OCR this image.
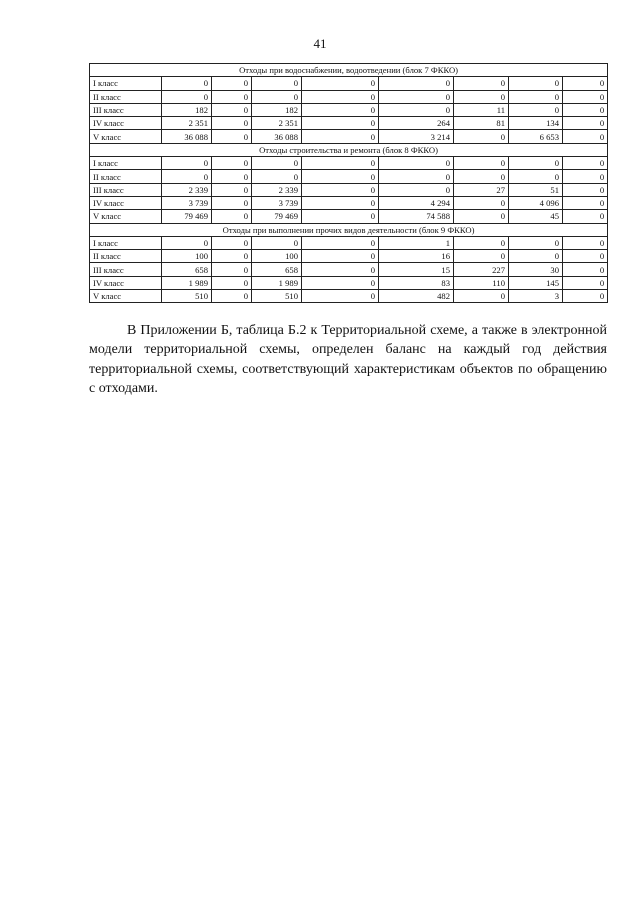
41
Отходы при водоснабжении, водоотведении (блок 7 ФККО)								
I класс	0	0	0	0	0	0	0	0
II класс	0	0	0	0	0	0	0	0
III класс	182	0	182	0	0	11	0	0
IV класс	2 351	0	2 351	0	264	81	134	0
V класс	36 088	0	36 088	0	3 214	0	6 653	0
Отходы строительства и ремонта (блок 8 ФККО)								
I класс	0	0	0	0	0	0	0	0
II класс	0	0	0	0	0	0	0	0
III класс	2 339	0	2 339	0	0	27	51	0
IV класс	3 739	0	3 739	0	4 294	0	4 096	0
V класс	79 469	0	79 469	0	74 588	0	45	0
Отходы при выполнении прочих видов деятельности (блок 9 ФККО)								
I класс	0	0	0	0	1	0	0	0
II класс	100	0	100	0	16	0	0	0
III класс	658	0	658	0	15	227	30	0
IV класс	1 989	0	1 989	0	83	110	145	0
V класс	510	0	510	0	482	0	3	0

В Приложении Б, таблица Б.2 к Территориальной схеме, а также в электронной модели территориальной схемы, определен баланс на каждый год действия территориальной схемы, соответствующий характеристикам объектов по обращению с отходами.
